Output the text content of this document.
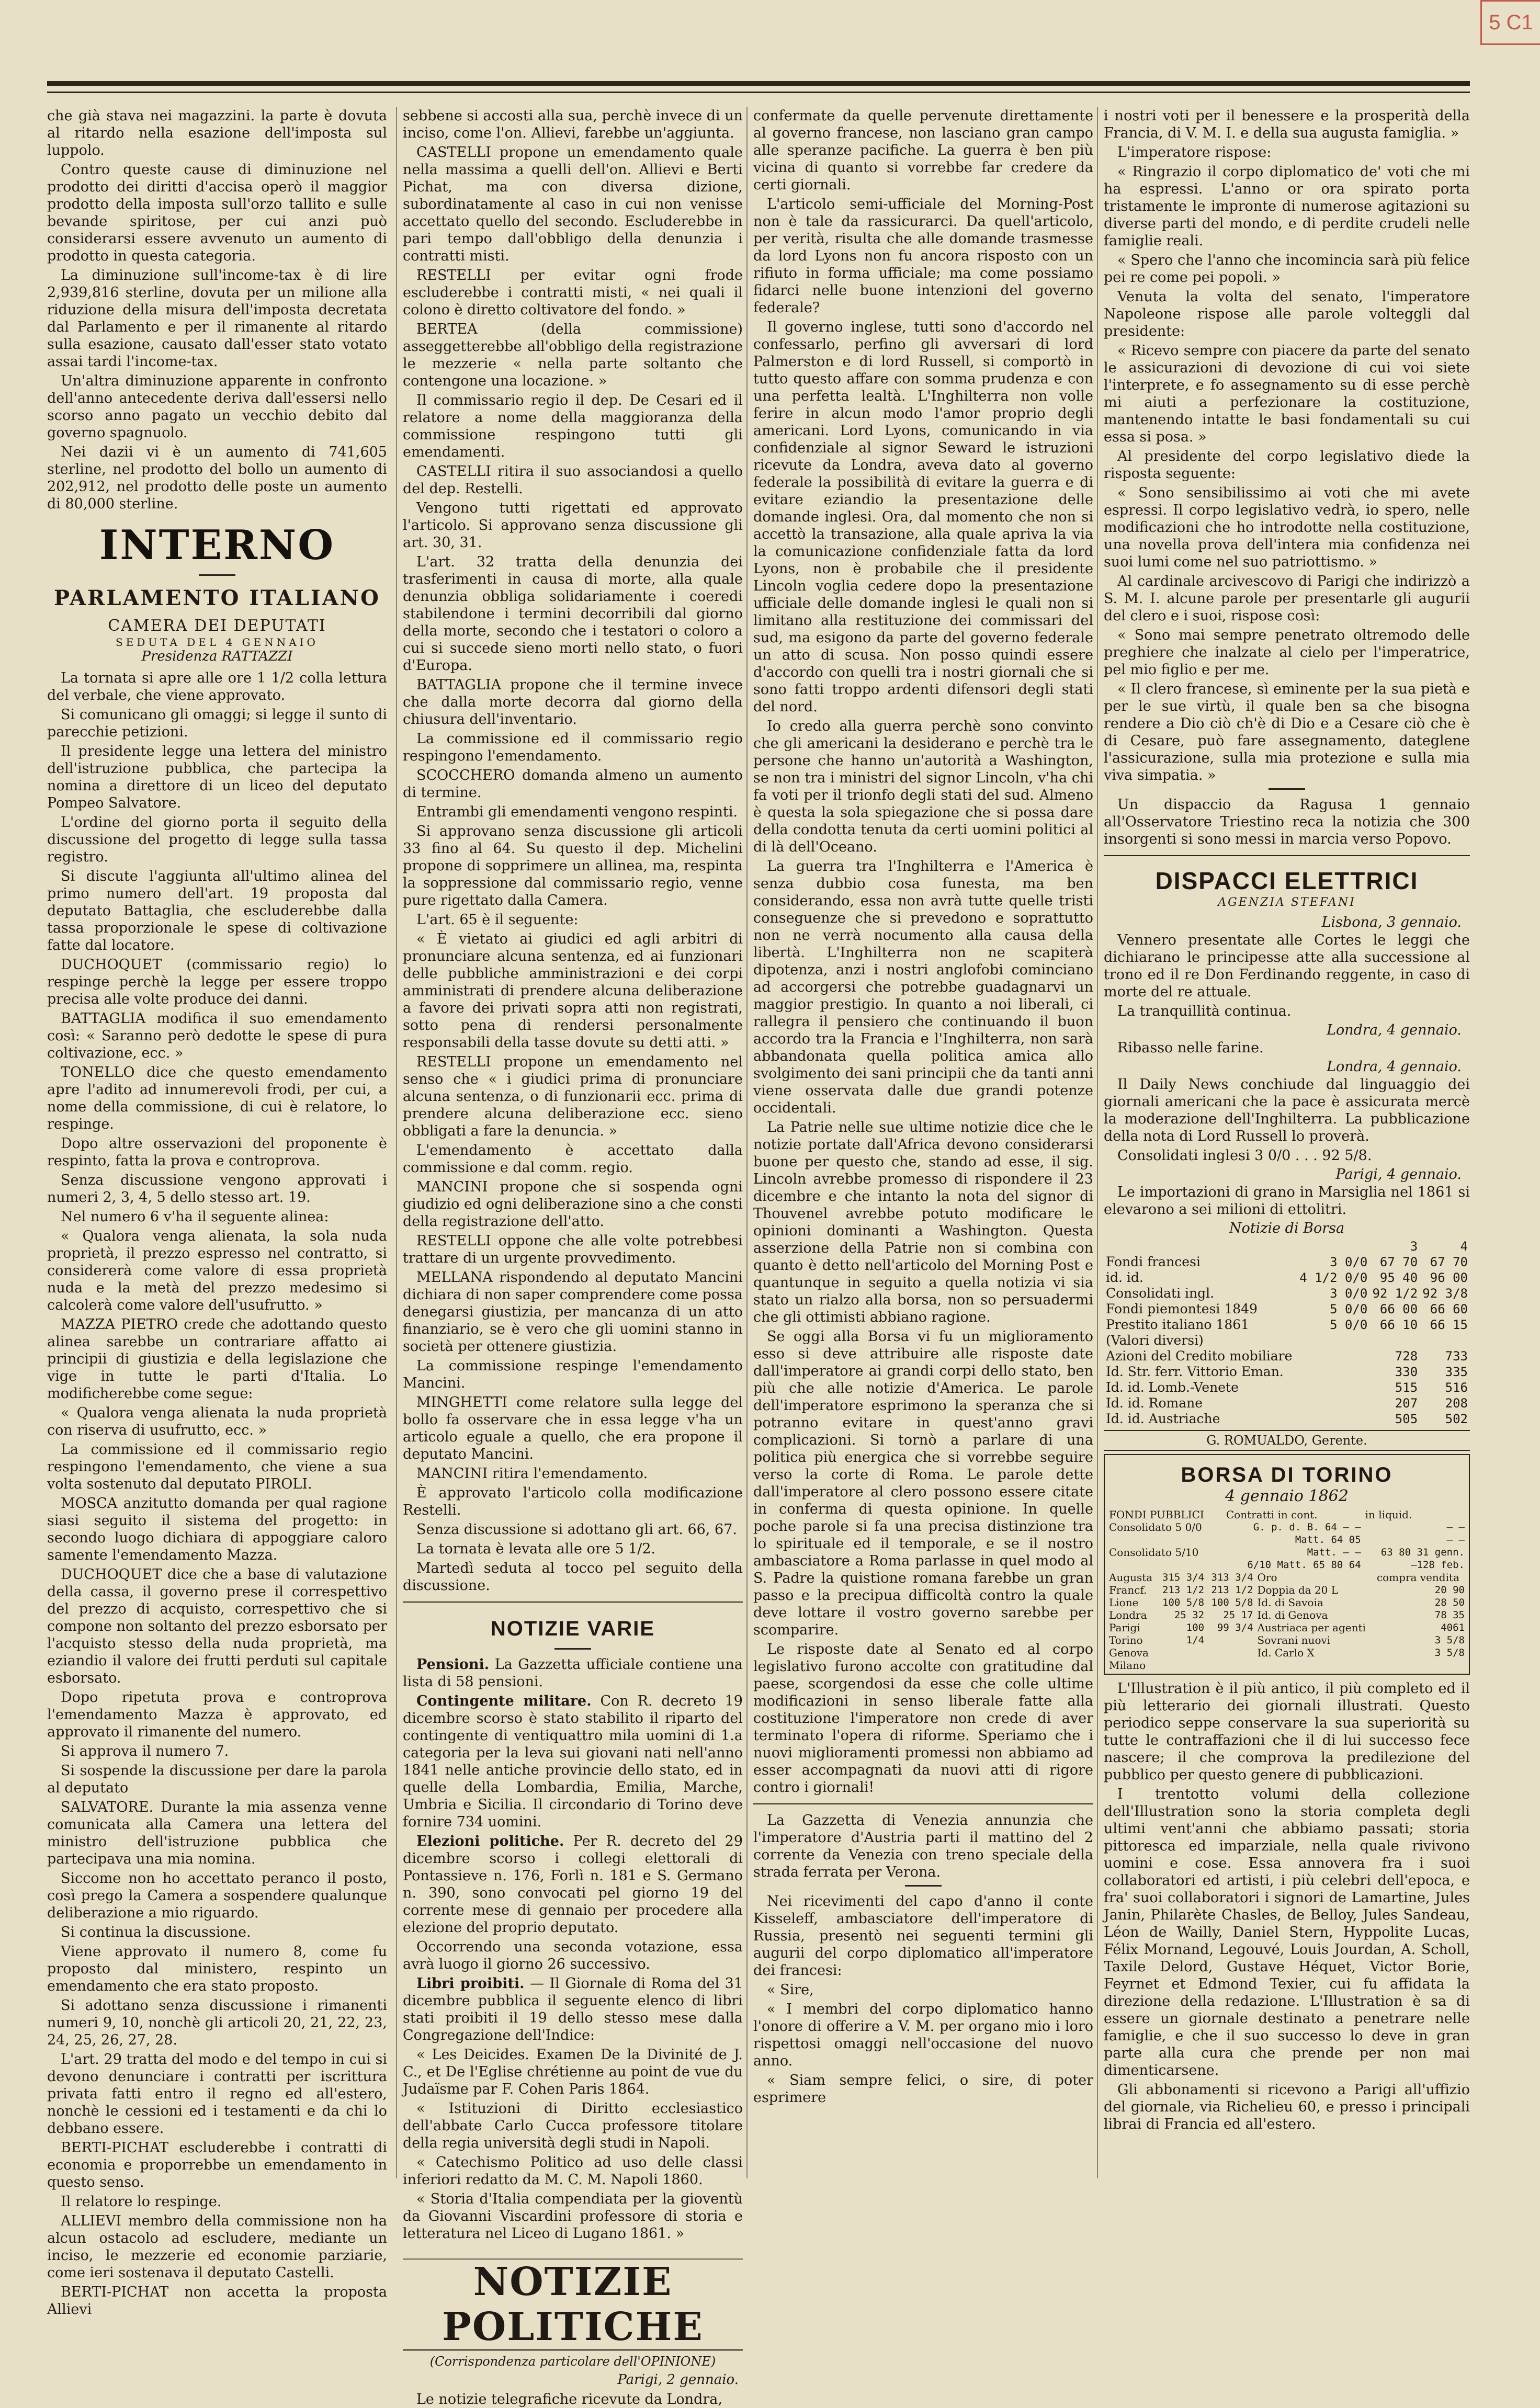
5 C1

che già stava nei magazzini. la parte è dovuta al ritardo nella esazione dell'imposta sul luppolo.

Contro queste cause di diminuzione nel prodotto dei diritti d'accisa operò il maggior prodotto della imposta sull'orzo tallito e sulle bevande spiritose, per cui anzi può considerarsi essere avvenuto un aumento di prodotto in questa categoria.

La diminuzione sull'income-tax è di lire 2,939,816 sterline, dovuta per un milione alla riduzione della misura dell'imposta decretata dal Parlamento e per il rimanente al ritardo sulla esazione, causato dall'esser stato votato assai tardi l'income-tax.

Un'altra diminuzione apparente in confronto dell'anno antecedente deriva dall'essersi nello scorso anno pagato un vecchio debito dal governo spagnuolo.

Nei dazii vi è un aumento di 741,605 sterline, nel prodotto del bollo un aumento di 202,912, nel prodotto delle poste un aumento di 80,000 sterline.

INTERNO
PARLAMENTO ITALIANO
CAMERA DEI DEPUTATI
SEDUTA DEL 4 GENNAIO
Presidenza RATTAZZI

La tornata si apre alle ore 1 1/2 colla lettura del verbale, che viene approvato.

Si comunicano gli omaggi; si legge il sunto di parecchie petizioni.

Il presidente legge una lettera del ministro dell'istruzione pubblica, che partecipa la nomina a direttore di un liceo del deputato Pompeo Salvatore.

L'ordine del giorno porta il seguito della discussione del progetto di legge sulla tassa registro.

Si discute l'aggiunta all'ultimo alinea del primo numero dell'art. 19 proposta dal deputato Battaglia, che escluderebbe dalla tassa proporzionale le spese di coltivazione fatte dal locatore.

DUCHOQUET (commissario regio) lo respinge perchè la legge per essere troppo precisa alle volte produce dei danni.

BATTAGLIA modifica il suo emendamento così: « Saranno però dedotte le spese di pura coltivazione, ecc. »

TONELLO dice che questo emendamento apre l'adito ad innumerevoli frodi, per cui, a nome della commissione, di cui è relatore, lo respinge.

Dopo altre osservazioni del proponente è respinto, fatta la prova e controprova.

Senza discussione vengono approvati i numeri 2, 3, 4, 5 dello stesso art. 19.

Nel numero 6 v'ha il seguente alinea:

« Qualora venga alienata, la sola nuda proprietà, il prezzo espresso nel contratto, si considererà come valore di essa proprietà nuda e la metà del prezzo medesimo si calcolerà come valore dell'usufrutto. »

MAZZA PIETRO crede che adottando questo alinea sarebbe un contrariare affatto ai principii di giustizia e della legislazione che vige in tutte le parti d'Italia. Lo modificherebbe come segue:

« Qualora venga alienata la nuda proprietà con riserva di usufrutto, ecc. »

La commissione ed il commissario regio respingono l'emendamento, che viene a sua volta sostenuto dal deputato PIROLI.

MOSCA anzitutto domanda per qual ragione siasi seguito il sistema del progetto: in secondo luogo dichiara di appoggiare caloro samente l'emendamento Mazza.

DUCHOQUET dice che a base di valutazione della cassa, il governo prese il correspettivo del prezzo di acquisto, correspettivo che si compone non soltanto del prezzo esborsato per l'acquisto stesso della nuda proprietà, ma eziandio il valore dei frutti perduti sul capitale esborsato.

Dopo ripetuta prova e controprova l'emendamento Mazza è approvato, ed approvato il rimanente del numero.

Si approva il numero 7.

Si sospende la discussione per dare la parola al deputato

SALVATORE. Durante la mia assenza venne comunicata alla Camera una lettera del ministro dell'istruzione pubblica che partecipava una mia nomina.

Siccome non ho accettato peranco il posto, così prego la Camera a sospendere qualunque deliberazione a mio riguardo.

Si continua la discussione.

Viene approvato il numero 8, come fu proposto dal ministero, respinto un emendamento che era stato proposto.

Si adottano senza discussione i rimanenti numeri 9, 10, nonchè gli articoli 20, 21, 22, 23, 24, 25, 26, 27, 28.

L'art. 29 tratta del modo e del tempo in cui si devono denunciare i contratti per iscrittura privata fatti entro il regno ed all'estero, nonchè le cessioni ed i testamenti e da chi lo debbano essere.

BERTI-PICHAT escluderebbe i contratti di economia e proporrebbe un emendamento in questo senso.

Il relatore lo respinge.

ALLIEVI membro della commissione non ha alcun ostacolo ad escludere, mediante un inciso, le mezzerie ed economie parziarie, come ieri sostenava il deputato Castelli.

BERTI-PICHAT non accetta la proposta Allievi

sebbene si accosti alla sua, perchè invece di un inciso, come l'on. Allievi, farebbe un'aggiunta.

CASTELLI propone un emendamento quale nella massima a quelli dell'on. Allievi e Berti Pichat, ma con diversa dizione, subordinatamente al caso in cui non venisse accettato quello del secondo. Escluderebbe in pari tempo dall'obbligo della denunzia i contratti misti.

RESTELLI per evitar ogni frode escluderebbe i contratti misti, « nei quali il colono è diretto coltivatore del fondo. »

BERTEA (della commissione) asseggetterebbe all'obbligo della registrazione le mezzerie « nella parte soltanto che contengone una locazione. »

Il commissario regio il dep. De Cesari ed il relatore a nome della maggioranza della commissione respingono tutti gli emendamenti.

CASTELLI ritira il suo associandosi a quello del dep. Restelli.

Vengono tutti rigettati ed approvato l'articolo. Si approvano senza discussione gli art. 30, 31.

L'art. 32 tratta della denunzia dei trasferimenti in causa di morte, alla quale denunzia obbliga solidariamente i coeredi stabilendone i termini decorribili dal giorno della morte, secondo che i testatori o coloro a cui si succede sieno morti nello stato, o fuori d'Europa.

BATTAGLIA propone che il termine invece che dalla morte decorra dal giorno della chiusura dell'inventario.

La commissione ed il commissario regio respingono l'emendamento.

SCOCCHERO domanda almeno un aumento di termine.

Entrambi gli emendamenti vengono respinti.

Si approvano senza discussione gli articoli 33 fino al 64. Su questo il dep. Michelini propone di sopprimere un allinea, ma, respinta la soppressione dal commissario regio, venne pure rigettato dalla Camera.

L'art. 65 è il seguente:

« È vietato ai giudici ed agli arbitri di pronunciare alcuna sentenza, ed ai funzionari delle pubbliche amministrazioni e dei corpi amministrati di prendere alcuna deliberazione a favore dei privati sopra atti non registrati, sotto pena di rendersi personalmente responsabili della tasse dovute su detti atti. »

RESTELLI propone un emendamento nel senso che « i giudici prima di pronunciare alcuna sentenza, o di funzionarii ecc. prima di prendere alcuna deliberazione ecc. sieno obbligati a fare la denuncia. »

L'emendamento è accettato dalla commissione e dal comm. regio.

MANCINI propone che si sospenda ogni giudizio ed ogni deliberazione sino a che consti della registrazione dell'atto.

RESTELLI oppone che alle volte potrebbesi trattare di un urgente provvedimento.

MELLANA rispondendo al deputato Mancini dichiara di non saper comprendere come possa denegarsi giustizia, per mancanza di un atto finanziario, se è vero che gli uomini stanno in società per ottenere giustizia.

La commissione respinge l'emendamento Mancini.

MINGHETTI come relatore sulla legge del bollo fa osservare che in essa legge v'ha un articolo eguale a quello, che era propone il deputato Mancini.

MANCINI ritira l'emendamento.

È approvato l'articolo colla modificazione Restelli.

Senza discussione si adottano gli art. 66, 67.

La tornata è levata alle ore 5 1/2.

Martedì seduta al tocco pel seguito della discussione.

NOTIZIE VARIE

Pensioni. La Gazzetta ufficiale contiene una lista di 58 pensioni.

Contingente militare. Con R. decreto 19 dicembre scorso è stato stabilito il riparto del contingente di ventiquattro mila uomini di 1.a categoria per la leva sui giovani nati nell'anno 1841 nelle antiche provincie dello stato, ed in quelle della Lombardia, Emilia, Marche, Umbria e Sicilia. Il circondario di Torino deve fornire 734 uomini.

Elezioni politiche. Per R. decreto del 29 dicembre scorso i collegi elettorali di Pontassieve n. 176, Forlì n. 181 e S. Germano n. 390, sono convocati pel giorno 19 del corrente mese di gennaio per procedere alla elezione del proprio deputato.

Occorrendo una seconda votazione, essa avrà luogo il giorno 26 successivo.

Libri proibiti. — Il Giornale di Roma del 31 dicembre pubblica il seguente elenco di libri stati proibiti il 19 dello stesso mese dalla Congregazione dell'Indice:

« Les Deicides. Examen De la Divinité de J. C., et De l'Eglise chrétienne au point de vue du Judaïsme par F. Cohen Paris 1864.

« Istituzioni di Diritto ecclesiastico dell'abbate Carlo Cucca professore titolare della regia università degli studi in Napoli.

« Catechismo Politico ad uso delle classi inferiori redatto da M. C. M. Napoli 1860.

« Storia d'Italia compendiata per la gioventù da Giovanni Viscardini professore di storia e letteratura nel Liceo di Lugano 1861. »

NOTIZIE POLITICHE
(Corrispondenza particolare dell'OPINIONE)
Parigi, 2 gennaio.

Le notizie telegrafiche ricevute da Londra,

confermate da quelle pervenute direttamente al governo francese, non lasciano gran campo alle speranze pacifiche. La guerra è ben più vicina di quanto si vorrebbe far credere da certi giornali.

L'articolo semi-ufficiale del Morning-Post non è tale da rassicurarci. Da quell'articolo, per verità, risulta che alle domande trasmesse da lord Lyons non fu ancora risposto con un rifiuto in forma ufficiale; ma come possiamo fidarci nelle buone intenzioni del governo federale?

Il governo inglese, tutti sono d'accordo nel confessarlo, perfino gli avversari di lord Palmerston e di lord Russell, si comportò in tutto questo affare con somma prudenza e con una perfetta lealtà. L'Inghilterra non volle ferire in alcun modo l'amor proprio degli americani. Lord Lyons, comunicando in via confidenziale al signor Seward le istruzioni ricevute da Londra, aveva dato al governo federale la possibilità di evitare la guerra e di evitare eziandio la presentazione delle domande inglesi. Ora, dal momento che non si accettò la transazione, alla quale apriva la via la comunicazione confidenziale fatta da lord Lyons, non è probabile che il presidente Lincoln voglia cedere dopo la presentazione ufficiale delle domande inglesi le quali non si limitano alla restituzione dei commissari del sud, ma esigono da parte del governo federale un atto di scusa. Non posso quindi essere d'accordo con quelli tra i nostri giornali che si sono fatti troppo ardenti difensori degli stati del nord.

Io credo alla guerra perchè sono convinto che gli americani la desiderano e perchè tra le persone che hanno un'autorità a Washington, se non tra i ministri del signor Lincoln, v'ha chi fa voti per il trionfo degli stati del sud. Almeno è questa la sola spiegazione che si possa dare della condotta tenuta da certi uomini politici al di là dell'Oceano.

La guerra tra l'Inghilterra e l'America è senza dubbio cosa funesta, ma ben considerando, essa non avrà tutte quelle tristi conseguenze che si prevedono e soprattutto non ne verrà nocumento alla causa della libertà. L'Inghilterra non ne scapiterà dipotenza, anzi i nostri anglofobi cominciano ad accorgersi che potrebbe guadagnarvi un maggior prestigio. In quanto a noi liberali, ci rallegra il pensiero che continuando il buon accordo tra la Francia e l'Inghilterra, non sarà abbandonata quella politica amica allo svolgimento dei sani principii che da tanti anni viene osservata dalle due grandi potenze occidentali.

La Patrie nelle sue ultime notizie dice che le notizie portate dall'Africa devono considerarsi buone per questo che, stando ad esse, il sig. Lincoln avrebbe promesso di rispondere il 23 dicembre e che intanto la nota del signor di Thouvenel avrebbe potuto modificare le opinioni dominanti a Washington. Questa asserzione della Patrie non si combina con quanto è detto nell'articolo del Morning Post e quantunque in seguito a quella notizia vi sia stato un rialzo alla borsa, non so persuadermi che gli ottimisti abbiano ragione.

Se oggi alla Borsa vi fu un miglioramento esso si deve attribuire alle risposte date dall'imperatore ai grandi corpi dello stato, ben più che alle notizie d'America. Le parole dell'imperatore esprimono la speranza che si potranno evitare in quest'anno gravi complicazioni. Si tornò a parlare di una politica più energica che si vorrebbe seguire verso la corte di Roma. Le parole dette dall'imperatore al clero possono essere citate in conferma di questa opinione. In quelle poche parole si fa una precisa distinzione tra lo spirituale ed il temporale, e se il nostro ambasciatore a Roma parlasse in quel modo al S. Padre la quistione romana farebbe un gran passo e la precipua difficoltà contro la quale deve lottare il vostro governo sarebbe per scomparire.

Le risposte date al Senato ed al corpo legislativo furono accolte con gratitudine dal paese, scorgendosi da esse che colle ultime modificazioni in senso liberale fatte alla costituzione l'imperatore non crede di aver terminato l'opera di riforme. Speriamo che i nuovi miglioramenti promessi non abbiamo ad esser accompagnati da nuovi atti di rigore contro i giornali!

La Gazzetta di Venezia annunzia che l'imperatore d'Austria parti il mattino del 2 corrente da Venezia con treno speciale della strada ferrata per Verona.

Nei ricevimenti del capo d'anno il conte Kisseleff, ambasciatore dell'imperatore di Russia, presentò nei seguenti termini gli augurii del corpo diplomatico all'imperatore dei francesi:

« Sire,

« I membri del corpo diplomatico hanno l'onore di offerire a V. M. per organo mio i loro rispettosi omaggi nell'occasione del nuovo anno.

« Siam sempre felici, o sire, di poter esprimere

i nostri voti per il benessere e la prosperità della Francia, di V. M. I. e della sua augusta famiglia. »

L'imperatore rispose:

« Ringrazio il corpo diplomatico de' voti che mi ha espressi. L'anno or ora spirato porta tristamente le impronte di numerose agitazioni su diverse parti del mondo, e di perdite crudeli nelle famiglie reali.

« Spero che l'anno che incomincia sarà più felice pei re come pei popoli. »

Venuta la volta del senato, l'imperatore Napoleone rispose alle parole volteggli dal presidente:

« Ricevo sempre con piacere da parte del senato le assicurazioni di devozione di cui voi siete l'interprete, e fo assegnamento su di esse perchè mi aiuti a perfezionare la costituzione, mantenendo intatte le basi fondamentali su cui essa si posa. »

Al presidente del corpo legislativo diede la risposta seguente:

« Sono sensibilissimo ai voti che mi avete espressi. Il corpo legislativo vedrà, io spero, nelle modificazioni che ho introdotte nella costituzione, una novella prova dell'intera mia confidenza nei suoi lumi come nel suo patriottismo. »

Al cardinale arcivescovo di Parigi che indirizzò a S. M. I. alcune parole per presentarle gli augurii del clero e i suoi, rispose così:

« Sono mai sempre penetrato oltremodo delle preghiere che inalzate al cielo per l'imperatrice, pel mio figlio e per me.

« Il clero francese, sì eminente per la sua pietà e per le sue virtù, il quale ben sa che bisogna rendere a Dio ciò ch'è di Dio e a Cesare ciò che è di Cesare, può fare assegnamento, dateglene l'assicurazione, sulla mia protezione e sulla mia viva simpatia. »

Un dispaccio da Ragusa 1 gennaio all'Osservatore Triestino reca la notizia che 300 insorgenti si sono messi in marcia verso Popovo.

DISPACCI ELETTRICI
AGENZIA STEFANI
Lisbona, 3 gennaio.

Vennero presentate alle Cortes le leggi che dichiarano le principesse atte alla successione al trono ed il re Don Ferdinando reggente, in caso di morte del re attuale.

La tranquillità continua.

Londra, 4 gennaio.

Ribasso nelle farine.

Londra, 4 gennaio.

Il Daily News conchiude dal linguaggio dei giornali americani che la pace è assicurata mercè la moderazione dell'Inghilterra. La pubblicazione della nota di Lord Russell lo proverà.

Consolidati inglesi 3 0/0 . . . 92 5/8.

Parigi, 4 gennaio.

Le importazioni di grano in Marsiglia nel 1861 si elevarono a sei milioni di ettolitri.

Notizie di Borsa
		3	4
Fondi francesi	3 0/0	67 70	67 70
id. id.	4 1/2 0/0	95 40	96 00
Consolidati ingl.	3 0/0	92 1/2	92 3/8
Fondi piemontesi 1849	5 0/0	66 00	66 60
Prestito italiano 1861	5 0/0	66 10	66 15
(Valori diversi)			
Azioni del Credito mobiliare		728	733
Id. Str. ferr. Vittorio Eman.		330	335
Id. id. Lomb.-Venete		515	516
Id. id. Romane		207	208
Id. id. Austriache		505	502
G. ROMUALDO, Gerente.
BORSA DI TORINO
4 gennaio 1862
FONDI PUBBLICI	Contratti in cont.	in liquid.
Consolidato 5 0/0	G. p. d. B. 64 — —	— —
	Matt. 64 05	— —
Consolidato 5/10	Matt. — —	63 80 31 genn.
	6/10 Matt. 65 80 64	—128 feb.
Augusta	315 3/4	313 3/4	Oro	compra vendita
Francf.	213 1/2	213 1/2	Doppia da 20 L	20 90
Lione	100 5/8	100 5/8	Id. di Savoia	28 50
Londra	25 32	25 17	Id. di Genova	78 35
Parigi	100	99 3/4	Austriaca per agenti	4061
Torino	1/4		Sovrani nuovi	3 5/8
Genova			Id. Carlo X	3 5/8
Milano				

L'Illustration è il più antico, il più completo ed il più letterario dei giornali illustrati. Questo periodico seppe conservare la sua superiorità su tutte le contraffazioni che il di lui successo fece nascere; il che comprova la predilezione del pubblico per questo genere di pubblicazioni.

I trentotto volumi della collezione dell'Illustration sono la storia completa degli ultimi vent'anni che abbiamo passati; storia pittoresca ed imparziale, nella quale rivivono uomini e cose. Essa annovera fra i suoi collaboratori ed artisti, i più celebri dell'epoca, e fra' suoi collaboratori i signori de Lamartine, Jules Janin, Philarète Chasles, de Belloy, Jules Sandeau, Léon de Wailly, Daniel Stern, Hyppolite Lucas, Félix Mornand, Legouvé, Louis Jourdan, A. Scholl, Taxile Delord, Gustave Héquet, Victor Borie, Feyrnet et Edmond Texier, cui fu affidata la direzione della redazione. L'Illustration è sa di essere un giornale destinato a penetrare nelle famiglie, e che il suo successo lo deve in gran parte alla cura che prende per non mai dimenticarsene.

Gli abbonamenti si ricevono a Parigi all'uffizio del giornale, via Richelieu 60, e presso i principali librai di Francia ed all'estero.
